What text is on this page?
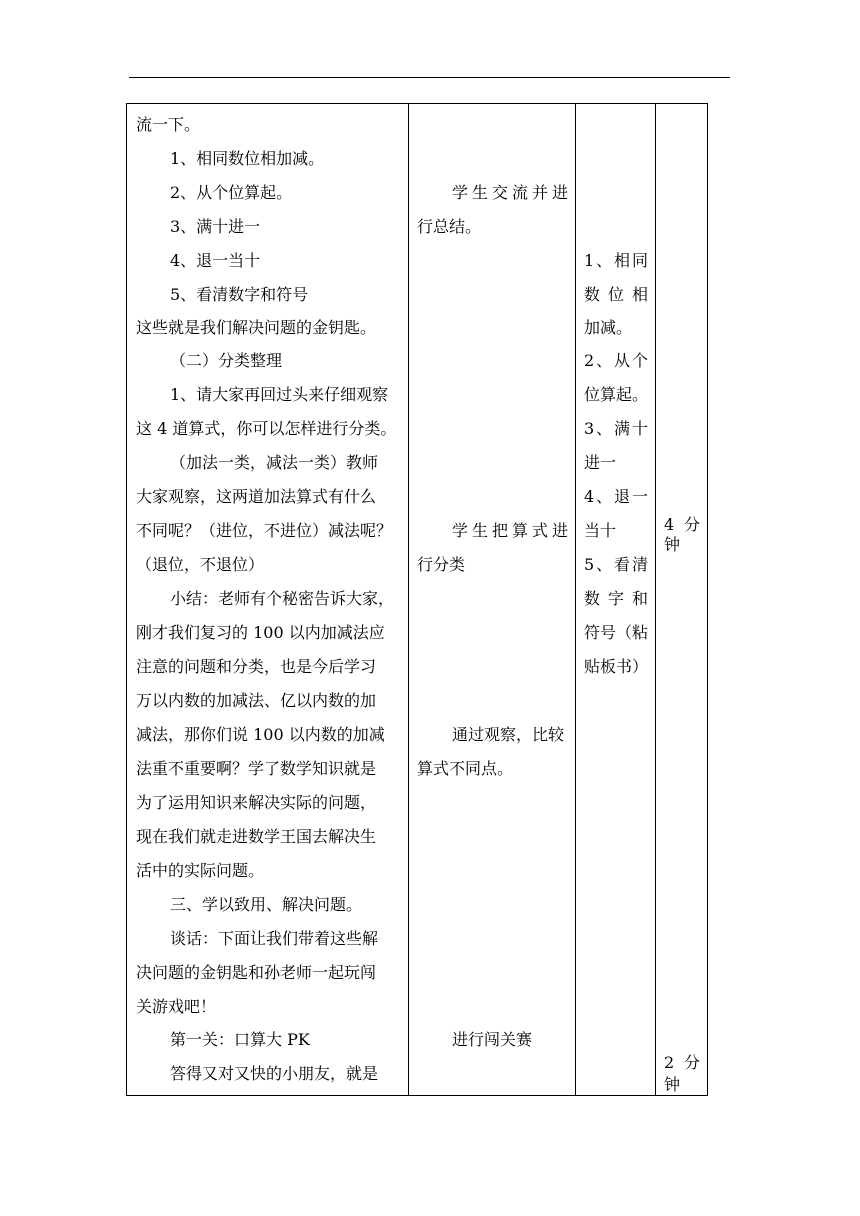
流一下。
1、相同数位相加减。
2、从个位算起。
3、满十进一
4、退一当十
5、看清数字和符号
这些就是我们解决问题的金钥匙。
（二）分类整理
1、请大家再回过头来仔细观察
这 4 道算式，你可以怎样进行分类。
（加法一类，减法一类）教师
大家观察，这两道加法算式有什么
不同呢？（进位，不进位）减法呢？
（退位，不退位）
小结：老师有个秘密告诉大家，
刚才我们复习的 100 以内加减法应
注意的问题和分类，也是今后学习
万以内数的加减法、亿以内数的加
减法，那你们说 100 以内数的加减
法重不重要啊？学了数学知识就是
为了运用知识来解决实际的问题，
现在我们就走进数学王国去解决生
活中的实际问题。
三、学以致用、解决问题。
谈话：下面让我们带着这些解
决问题的金钥匙和孙老师一起玩闯
关游戏吧！
第一关：口算大 PK
答得又对又快的小朋友，就是
学生交流并进
行总结。
学生把算式进
行分类
通过观察，比较
算式不同点。
进行闯关赛
1、相同
数位相
加减。
2、从个
位算起。
3、满十
进一
4、退一
当十
5、看清
数字和
符号（粘
贴板书）
4 分
钟
2 分
钟
